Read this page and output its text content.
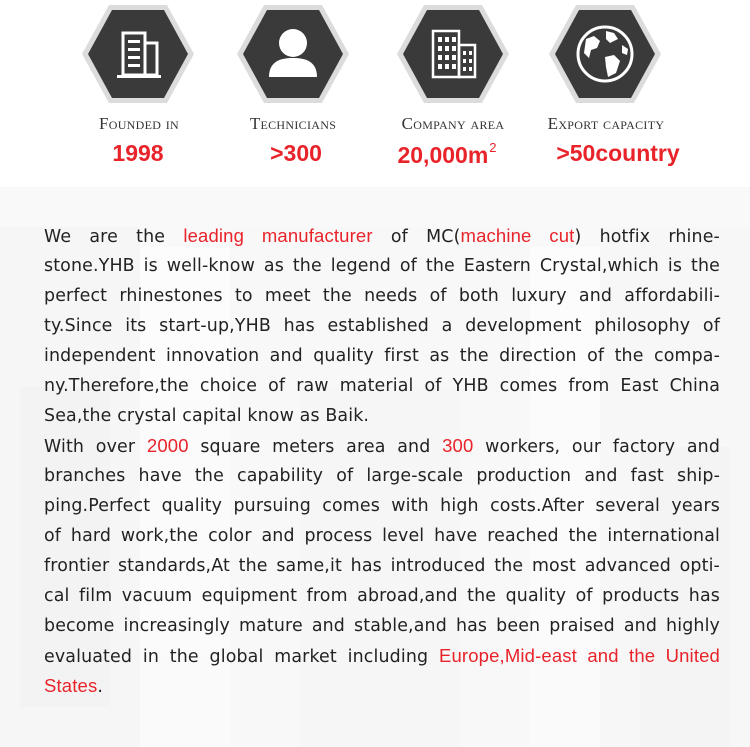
Founded in
1998
Technicians
>300
Company area
$20,000m^2$
Export capacity
>50country
We are the leading manufacturer of MC(machine cut) hotfix rhine-
stone.YHB is well-know as the legend of the Eastern Crystal,which is the
perfect rhinestones to meet the needs of both luxury and affordabili-
ty.Since its start-up,YHB has established a development philosophy of
independent innovation and quality first as the direction of the compa-
ny.Therefore,the choice of raw material of YHB comes from East China
Sea,the crystal capital know as Baik.
With over 2000 square meters area and 300 workers, our factory and
branches have the capability of large-scale production and fast ship-
ping.Perfect quality pursuing comes with high costs.After several years
of hard work,the color and process level have reached the international
frontier standards,At the same,it has introduced the most advanced opti-
cal film vacuum equipment from abroad,and the quality of products has
become increasingly mature and stable,and has been praised and highly
evaluated in the global market including Europe,Mid-east and the United
States.
